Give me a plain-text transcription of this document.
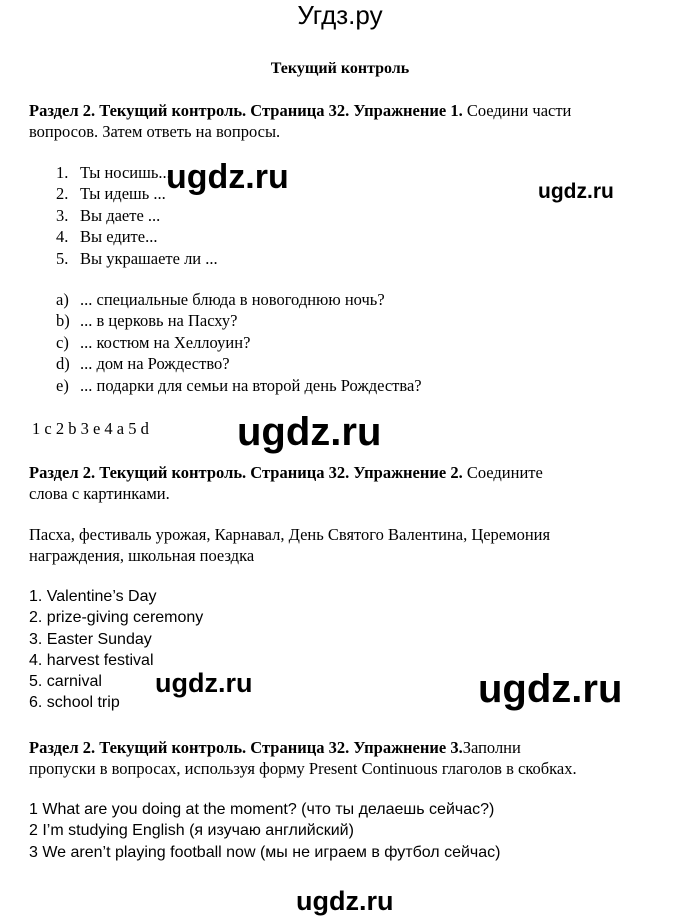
Угдз.ру
Текущий контроль
Раздел 2. Текущий контроль. Страница 32. Упражнение 1. Соедини части
вопросов. Затем ответь на вопросы.
1. Ты носишь...
2. Ты идешь ...
3. Вы даете ...
4. Вы едите...
5. Вы украшаете ли ...
a) ... специальные блюда в новогоднюю ночь?
b) ... в церковь на Пасху?
c) ... костюм на Хеллоуин?
d) ... дом на Рождество?
e) ... подарки для семьи на второй день Рождества?
1 c 2 b 3 e 4 a 5 d
Раздел 2. Текущий контроль. Страница 32. Упражнение 2. Соедините
слова с картинками.
Пасха, фестиваль урожая, Карнавал, День Святого Валентина, Церемония
награждения, школьная поездка
1. Valentine’s Day
2. prize-giving ceremony
3. Easter Sunday
4. harvest festival
5. carnival
6. school trip
Раздел 2. Текущий контроль. Страница 32. Упражнение 3.Заполни
пропуски в вопросах, используя форму Present Continuous глаголов в скобках.
1 What are you doing at the moment? (что ты делаешь сейчас?)
2 I’m studying English (я изучаю английский)
3 We aren’t playing football now (мы не играем в футбол сейчас)
ugdz.ru	ugdz.ru
ugdz.ru
ugdz.ru	ugdz.ru
ugdz.ru
